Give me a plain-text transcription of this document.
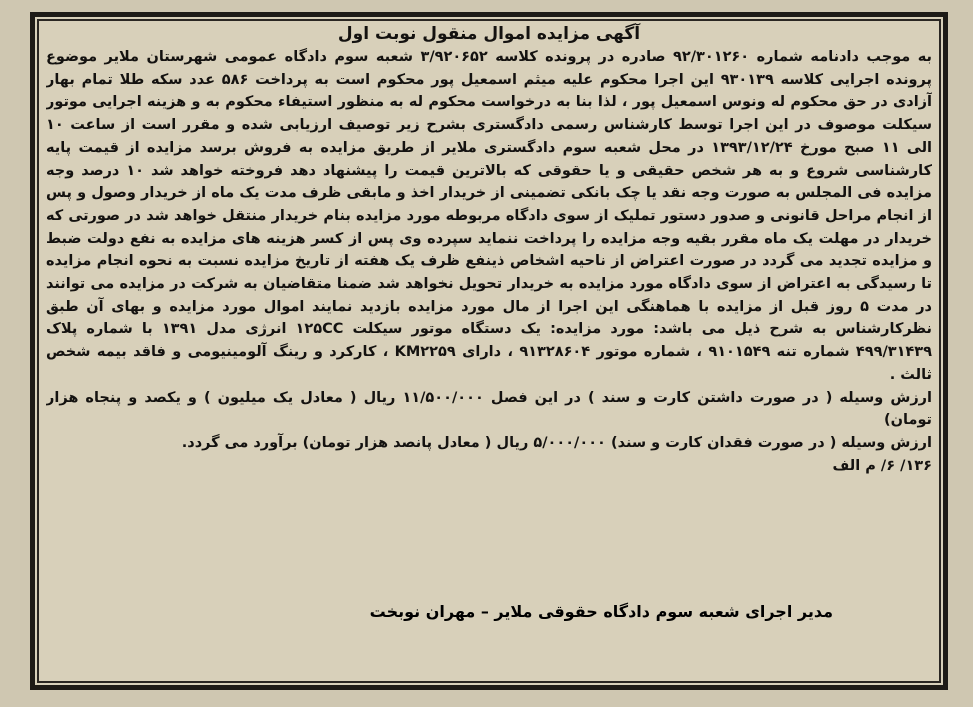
آگهی مزایده اموال منقول نوبت اول

به موجب دادنامه شماره ۹۲/۳۰۱۲۶۰ صادره در پرونده کلاسه ۳/۹۲۰۶۵۲ شعبه سوم دادگاه عمومی شهرستان ملایر موضوع پرونده اجرایی کلاسه ۹۳۰۱۳۹ این اجرا محکوم علیه میثم اسمعیل پور محکوم است به پرداخت ۵۸۶ عدد سکه طلا تمام بهار آزادی در حق محکوم له ونوس اسمعیل پور ، لذا بنا به درخواست محکوم له به منظور استیفاء محکوم به و هزینه اجرایی موتور سیکلت موصوف در این اجرا توسط کارشناس رسمی دادگستری بشرح زیر توصیف ارزیابی شده و مقرر است از ساعت ۱۰ الی ۱۱ صبح مورخ ۱۳۹۳/۱۲/۲۴ در محل شعبه سوم دادگستری ملایر از طریق مزایده به فروش برسد مزایده از قیمت پایه کارشناسی شروع و به هر شخص حقیقی و یا حقوقی که بالاترین قیمت را پیشنهاد دهد فروخته خواهد شد ۱۰ درصد وجه مزایده فی المجلس به صورت وجه نقد یا چک بانکی تضمینی از خریدار اخذ و مابقی ظرف مدت یک ماه از خریدار وصول و پس از انجام مراحل قانونی و صدور دستور تملیک از سوی دادگاه مربوطه مورد مزایده بنام خریدار منتقل خواهد شد در صورتی که خریدار در مهلت یک ماه مقرر بقیه وجه مزایده را پرداخت ننماید سپرده وی پس از کسر هزینه های مزایده به نفع دولت ضبط و مزایده تجدید می گردد در صورت اعتراض از ناحیه اشخاص ذینفع ظرف یک هفته از تاریخ مزایده نسبت به نحوه انجام مزایده تا رسیدگی به اعتراض از سوی دادگاه مورد مزایده به خریدار تحویل نخواهد شد ضمنا متقاضیان به شرکت در مزایده می توانند در مدت ۵ روز قبل از مزایده با هماهنگی این اجرا از مال مورد مزایده بازدید نمایند اموال مورد مزایده و بهای آن طبق نظرکارشناس به شرح ذیل می باشد: مورد مزایده: یک دستگاه موتور سیکلت ۱۲۵CC انرژی مدل ۱۳۹۱ با شماره پلاک ۴۹۹/۳۱۴۳۹ شماره تنه ۹۱۰۱۵۴۹ ، شماره موتور ۹۱۳۲۸۶۰۴ ، دارای KM۲۲۵۹ ، کارکرد و رینگ آلومینیومی و فاقد بیمه شخص ثالث .

ارزش وسیله ( در صورت داشتن کارت و سند ) در این فصل ۱۱/۵۰۰/۰۰۰ ریال ( معادل یک میلیون ) و یکصد و پنجاه هزار تومان)

ارزش وسیله ( در صورت فقدان کارت و سند) ۵/۰۰۰/۰۰۰ ریال ( معادل پانصد هزار تومان) برآورد می گردد.

۱۳۶/ ۶/ م الف

مدیر اجرای شعبه سوم دادگاه حقوقی ملایر – مهران نوبخت
